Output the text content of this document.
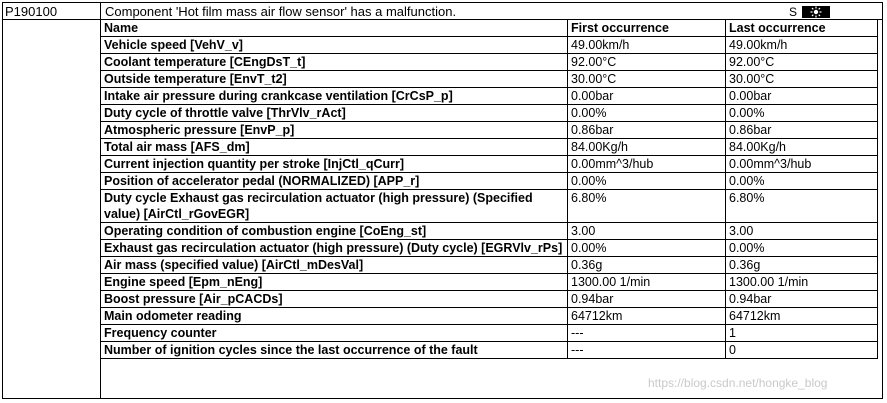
P190100	Component 'Hot film mass air flow sensor' has a malfunction.	S
Name	First occurrence	Last occurrence
Vehicle speed [VehV_v]	49.00km/h	49.00km/h
Coolant temperature [CEngDsT_t]	92.00°C	92.00°C
Outside temperature [EnvT_t2]	30.00°C	30.00°C
Intake air pressure during crankcase ventilation [CrCsP_p]	0.00bar	0.00bar
Duty cycle of throttle valve [ThrVlv_rAct]	0.00%	0.00%
Atmospheric pressure [EnvP_p]	0.86bar	0.86bar
Total air mass [AFS_dm]	84.00Kg/h	84.00Kg/h
Current injection quantity per stroke [InjCtl_qCurr]	0.00mm^3/hub	0.00mm^3/hub
Position of accelerator pedal (NORMALIZED) [APP_r]	0.00%	0.00%
Duty cycle Exhaust gas recirculation actuator (high pressure) (Specified value) [AirCtl_rGovEGR]	6.80%	6.80%
Operating condition of combustion engine [CoEng_st]	3.00	3.00
Exhaust gas recirculation actuator (high pressure) (Duty cycle) [EGRVlv_rPs]	0.00%	0.00%
Air mass (specified value) [AirCtl_mDesVal]	0.36g	0.36g
Engine speed [Epm_nEng]	1300.00 1/min	1300.00 1/min
Boost pressure [Air_pCACDs]	0.94bar	0.94bar
Main odometer reading	64712km	64712km
Frequency counter	---	1
Number of ignition cycles since the last occurrence of the fault	---	0
https://blog.csdn.net/hongke_blog
